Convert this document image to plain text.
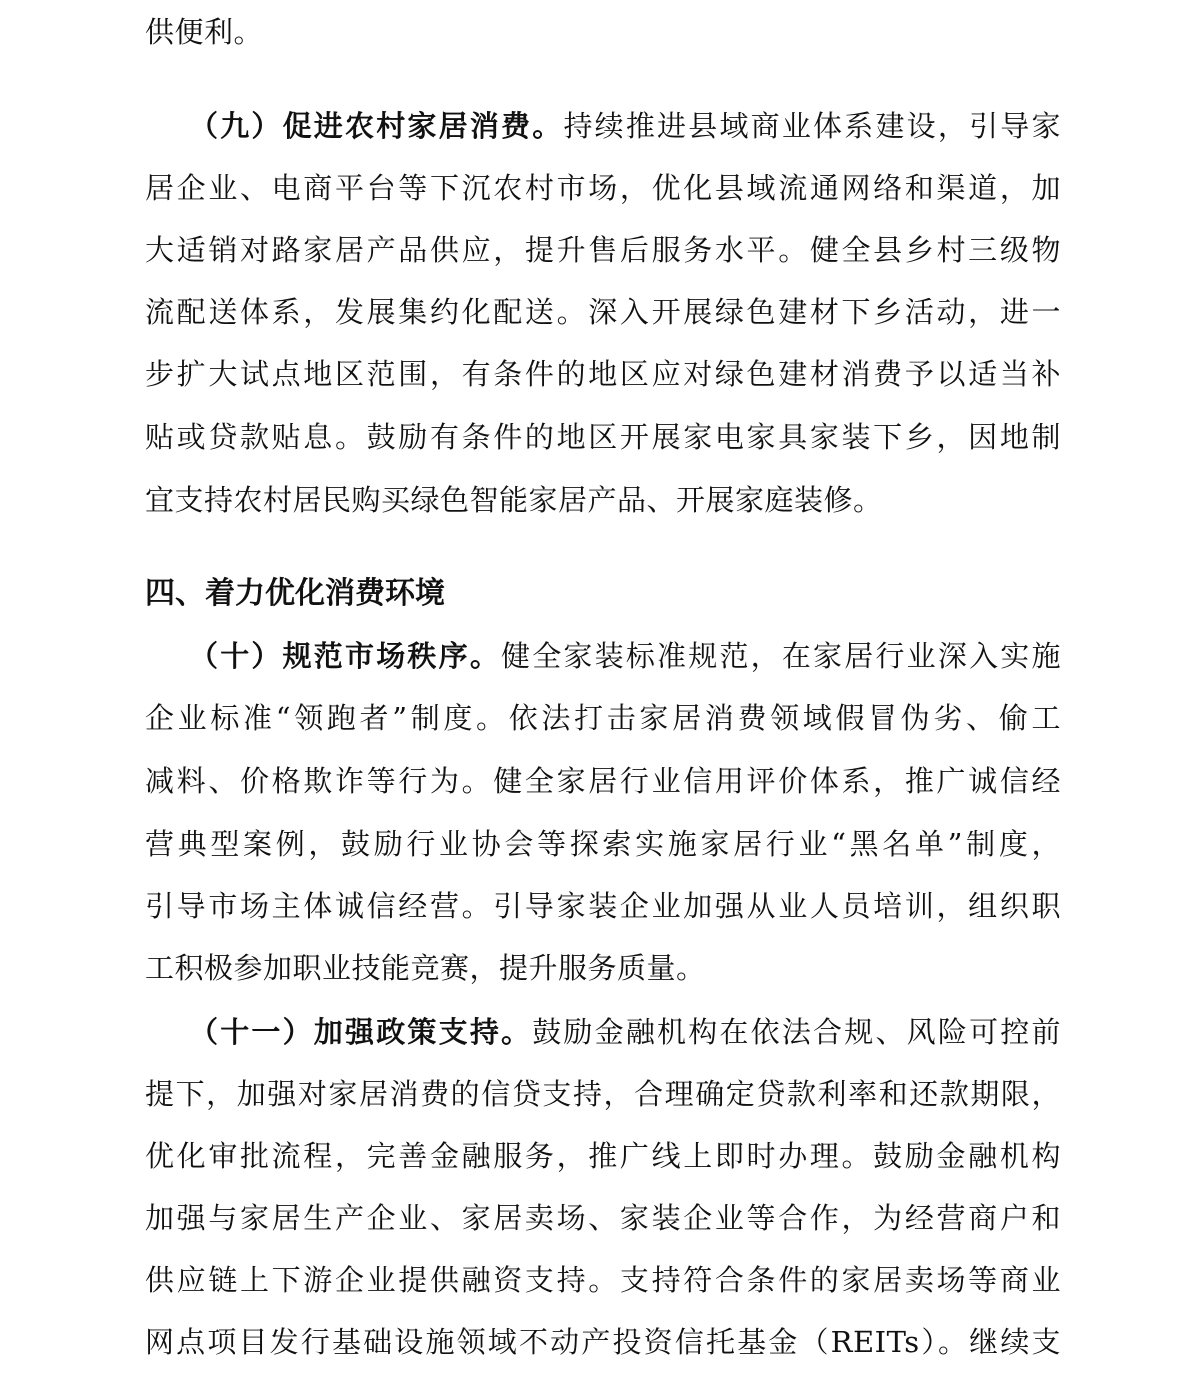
供便利。
（九）促进农村家居消费。持续推进县域商业体系建设，引导家
居企业、电商平台等下沉农村市场，优化县域流通网络和渠道，加
大适销对路家居产品供应，提升售后服务水平。健全县乡村三级物
流配送体系，发展集约化配送。深入开展绿色建材下乡活动，进一
步扩大试点地区范围，有条件的地区应对绿色建材消费予以适当补
贴或贷款贴息。鼓励有条件的地区开展家电家具家装下乡，因地制
宜支持农村居民购买绿色智能家居产品、开展家庭装修。
四、着力优化消费环境
（十）规范市场秩序。健全家装标准规范，在家居行业深入实施
企业标准“领跑者”制度。依法打击家居消费领域假冒伪劣、偷工
减料、价格欺诈等行为。健全家居行业信用评价体系，推广诚信经
营典型案例，鼓励行业协会等探索实施家居行业“黑名单”制度，
引导市场主体诚信经营。引导家装企业加强从业人员培训，组织职
工积极参加职业技能竞赛，提升服务质量。
（十一）加强政策支持。鼓励金融机构在依法合规、风险可控前
提下，加强对家居消费的信贷支持，合理确定贷款利率和还款期限，
优化审批流程，完善金融服务，推广线上即时办理。鼓励金融机构
加强与家居生产企业、家居卖场、家装企业等合作，为经营商户和
供应链上下游企业提供融资支持。支持符合条件的家居卖场等商业
网点项目发行基础设施领域不动产投资信托基金（REITs）。继续支
